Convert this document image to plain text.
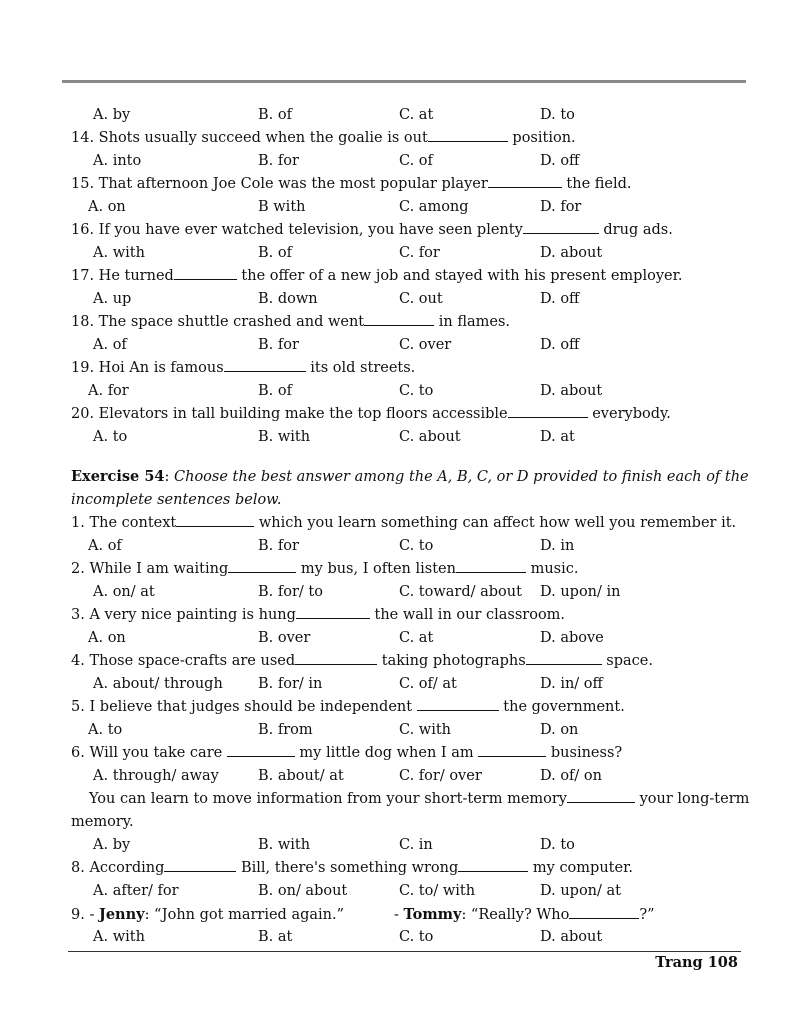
A. by	B. of	C. at	D. to
14. Shots usually succeed when the goalie is out	position.
A. into	B. for	C. of	D. off
15. That afternoon Joe Cole was the most popular player	the field.
A. on	B with	C. among	D. for
16. If you have ever watched television, you have seen plenty	drug ads.
A. with	B. of	C. for	D. about
17. He turned	the offer of a new job and stayed with his present employer.
A. up	B. down	C. out	D. off
18. The space shuttle crashed and went	in flames.
A. of	B. for	C. over	D. off
19. Hoi An is famous	its old streets.
A. for	B. of	C. to	D. about
20. Elevators in tall building make the top floors accessible	everybody.
A. to	B. with	C. about	D. at
Exercise 54: Choose the best answer among the A, B, C, or D provided to finish each of the incomplete sentences below.
1. The context	which you learn something can affect how well you remember it.
A. of	B. for	C. to	D. in
2. While I am waiting	my bus, I often listen	music.
A. on/ at	B. for/ to	C. toward/ about D. upon/ in
3. A very nice painting is hung	the wall in our classroom.
A. on	B. over	C. at	D. above
4. Those space-crafts are used	taking photographs	space.
A. about/ through B. for/ in	C. of/ at	D. in/ off
5. I believe that judges should be independent	the government.
A. to	B. from	C. with	D. on
6. Will you take care	my little dog when I am	business?
A. through/ away	B. about/ at	C. for/ over	D. of/ on
You can learn to move information from your short-term memory	your long-term memory.
A. by	B. with	C. in	D. to
8. According	Bill, there's something wrong	my computer.
A. after/ for	B. on/ about	C. to/ with	D. upon/ at
9. - Jenny: “John got married again.”	- Tommy: “Really? Who	?”
A. with	B. at	C. to	D. about
Trang 108
